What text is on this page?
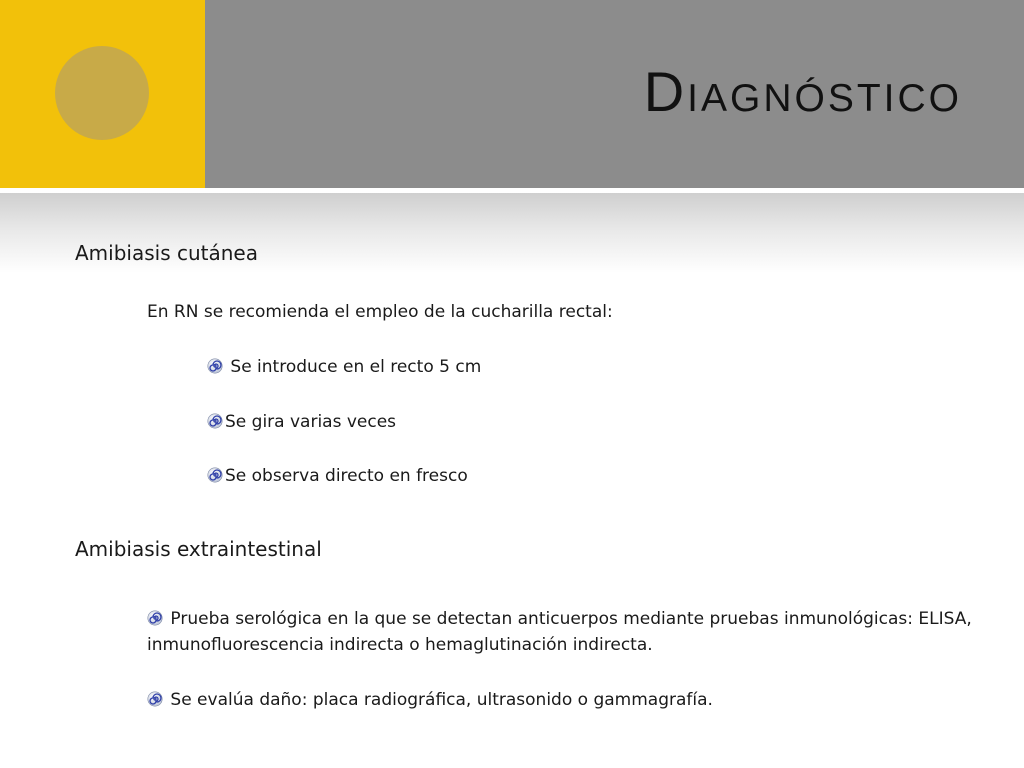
Diagnóstico

Amibiasis cutánea

En RN se recomienda el empleo de la cucharilla rectal:

Se introduce en el recto 5 cm

Se gira varias veces

Se observa directo en fresco

Amibiasis extraintestinal

Prueba serológica en la que se detectan anticuerpos mediante pruebas inmunológicas: ELISA, inmunofluorescencia indirecta o hemaglutinación indirecta.

Se evalúa daño: placa radiográfica, ultrasonido o gammagrafía.
